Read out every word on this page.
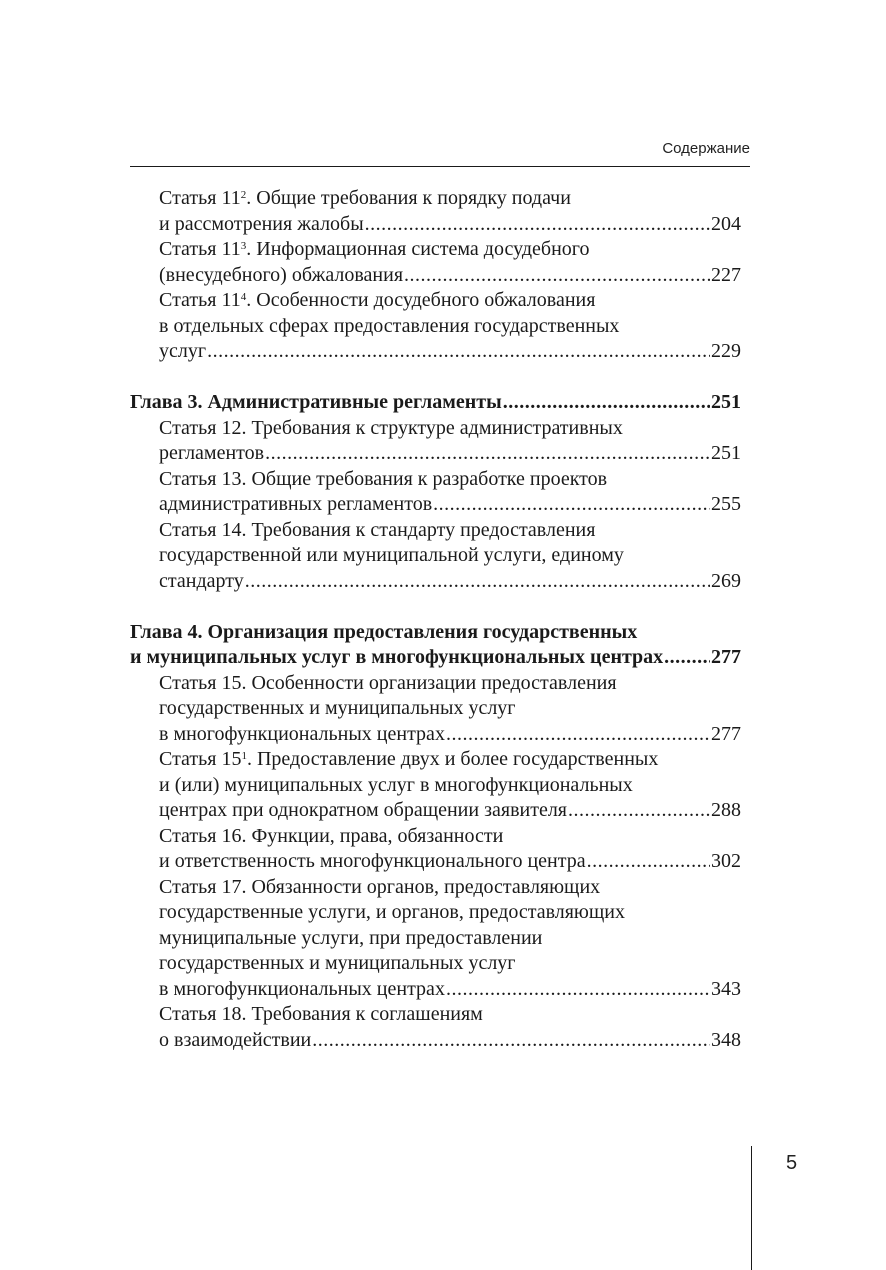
Содержание
Статья $11^2$. Общие требования к порядку подачи
и рассмотрения жалобы .....	204
Статья $11^3$. Информационная система досудебного
(внесудебного) обжалования .....	227
Статья $11^4$. Особенности досудебного обжалования
в отдельных сферах предоставления государственных
услуг .....	229
Глава 3. Административные регламенты .....	251
Статья 12. Требования к структуре административных
регламентов .....	251
Статья 13. Общие требования к разработке проектов
административных регламентов .....	255
Статья 14. Требования к стандарту предоставления
государственной или муниципальной услуги, единому
стандарту .....	269
Глава 4. Организация предоставления государственных
и муниципальных услуг в многофункциональных центрах ..... 277
Статья 15. Особенности организации предоставления
государственных и муниципальных услуг
в многофункциональных центрах .....	277
Статья $15^1$. Предоставление двух и более государственных
и (или) муниципальных услуг в многофункциональных
центрах при однократном обращении заявителя .....	288
Статья 16. Функции, права, обязанности
и ответственность многофункционального центра .....	302
Статья 17. Обязанности органов, предоставляющих
государственные услуги, и органов, предоставляющих
муниципальные услуги, при предоставлении
государственных и муниципальных услуг
в многофункциональных центрах .....	343
Статья 18. Требования к соглашениям
о взаимодействии .....	348
5
